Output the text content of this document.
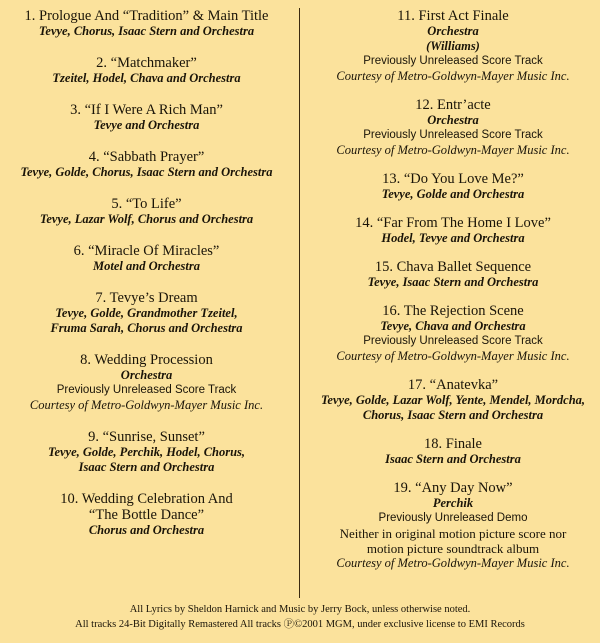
1. Prologue And “Tradition” & Main Title
Tevye, Chorus, Isaac Stern and Orchestra
2. “Matchmaker”
Tzeitel, Hodel, Chava and Orchestra
3. “If I Were A Rich Man”
Tevye and Orchestra
4. “Sabbath Prayer”
Tevye, Golde, Chorus, Isaac Stern and Orchestra
5. “To Life”
Tevye, Lazar Wolf, Chorus and Orchestra
6. “Miracle Of Miracles”
Motel and Orchestra
7. Tevye’s Dream
Tevye, Golde, Grandmother Tzeitel,
Fruma Sarah, Chorus and Orchestra
8. Wedding Procession
Orchestra
Previously Unreleased Score Track
Courtesy of Metro-Goldwyn-Mayer Music Inc.
9. “Sunrise, Sunset”
Tevye, Golde, Perchik, Hodel, Chorus,
Isaac Stern and Orchestra
10. Wedding Celebration And
“The Bottle Dance”
Chorus and Orchestra
11. First Act Finale
Orchestra
(Williams)
Previously Unreleased Score Track
Courtesy of Metro-Goldwyn-Mayer Music Inc.
12. Entr’acte
Orchestra
Previously Unreleased Score Track
Courtesy of Metro-Goldwyn-Mayer Music Inc.
13. “Do You Love Me?”
Tevye, Golde and Orchestra
14. “Far From The Home I Love”
Hodel, Tevye and Orchestra
15. Chava Ballet Sequence
Tevye, Isaac Stern and Orchestra
16. The Rejection Scene
Tevye, Chava and Orchestra
Previously Unreleased Score Track
Courtesy of Metro-Goldwyn-Mayer Music Inc.
17. “Anatevka”
Tevye, Golde, Lazar Wolf, Yente, Mendel, Mordcha,
Chorus, Isaac Stern and Orchestra
18. Finale
Isaac Stern and Orchestra
19. “Any Day Now”
Perchik
Previously Unreleased Demo
Neither in original motion picture score nor
motion picture soundtrack album
Courtesy of Metro-Goldwyn-Mayer Music Inc.
All Lyrics by Sheldon Harnick and Music by Jerry Bock, unless otherwise noted.
All tracks 24-Bit Digitally Remastered All tracks Ⓟ©2001 MGM, under exclusive license to EMI Records
